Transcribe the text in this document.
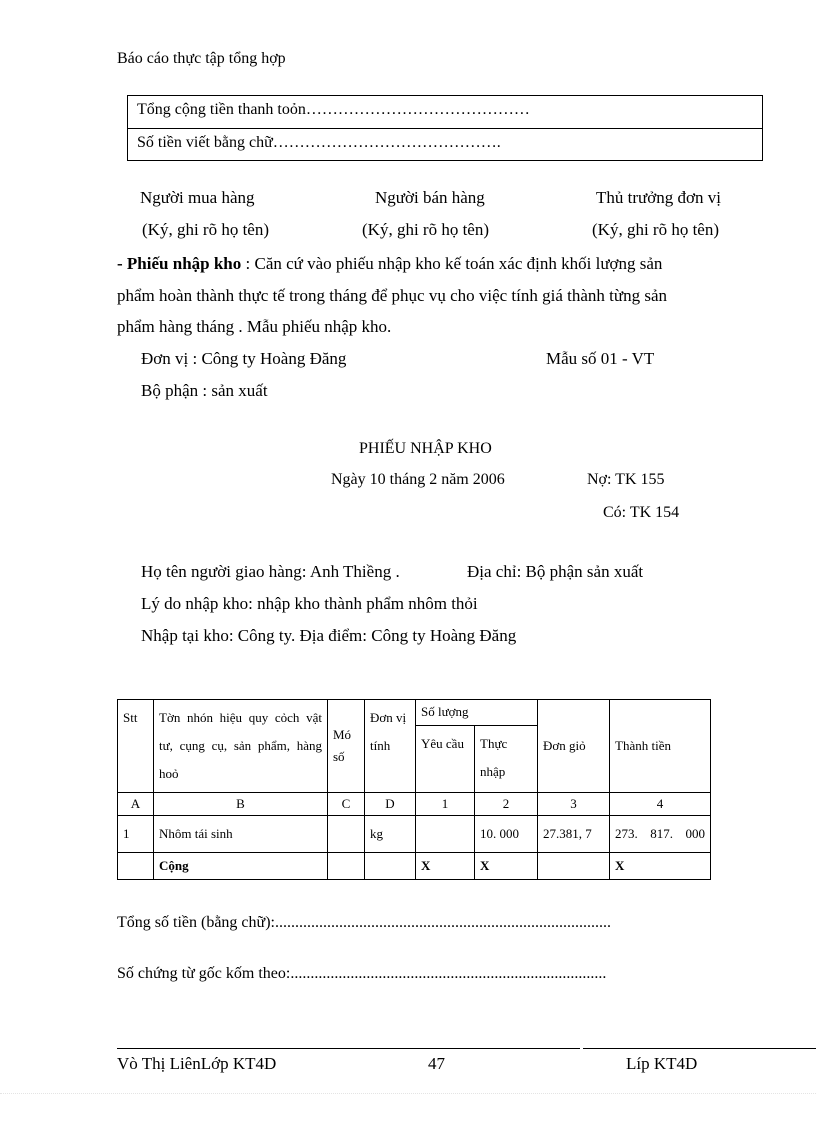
Báo cáo thực tập tổng hợp
Tổng cộng tiền thanh toỏn……………………………………
Số tiền viết bằng chữ…………………………………….
Người mua hàng
(Ký, ghi rõ họ tên)
Người bán hàng
(Ký, ghi rõ họ tên)
Thủ trưởng đơn vị
(Ký, ghi rõ họ tên)
- Phiếu nhập kho : Căn cứ vào phiếu nhập kho kế toán xác định khối lượng sản
phẩm hoàn thành thực tế trong tháng để phục vụ cho việc tính giá thành từng sản
phẩm hàng tháng . Mẫu phiếu nhập kho.
Đơn vị : Công ty Hoàng Đăng	Mẫu số 01 - VT
Bộ phận : sản xuất
PHIẾU NHẬP KHO
Ngày 10 tháng 2 năm 2006	Nợ: TK 155
Có: TK 154
Họ tên người giao hàng: Anh Thiềng .	Địa chỉ: Bộ phận sản xuất
Lý do nhập kho: nhập kho thành phẩm nhôm thỏi
Nhập tại kho: Công ty. Địa điểm: Công ty Hoàng Đăng
Stt	Tờn nhón hiệu quy cỏch vật tư, cụng cụ, sản phẩm, hàng hoỏ	Mó số	Đơn vị tính	Số lượng		Đơn giỏ	Thành tiền
				Yêu cầu	Thực nhập		
A	B	C	D	1	2	3	4
1	Nhôm tái sinh		kg		10. 000	27.381, 7	273. 817. 000
	Cộng			X	X		X
Tổng số tiền (bằng chữ):....................................................................................
Số chứng từ gốc kốm theo:...............................................................................
Vò Thị LiênLớp KT4D	47	Líp KT4D
